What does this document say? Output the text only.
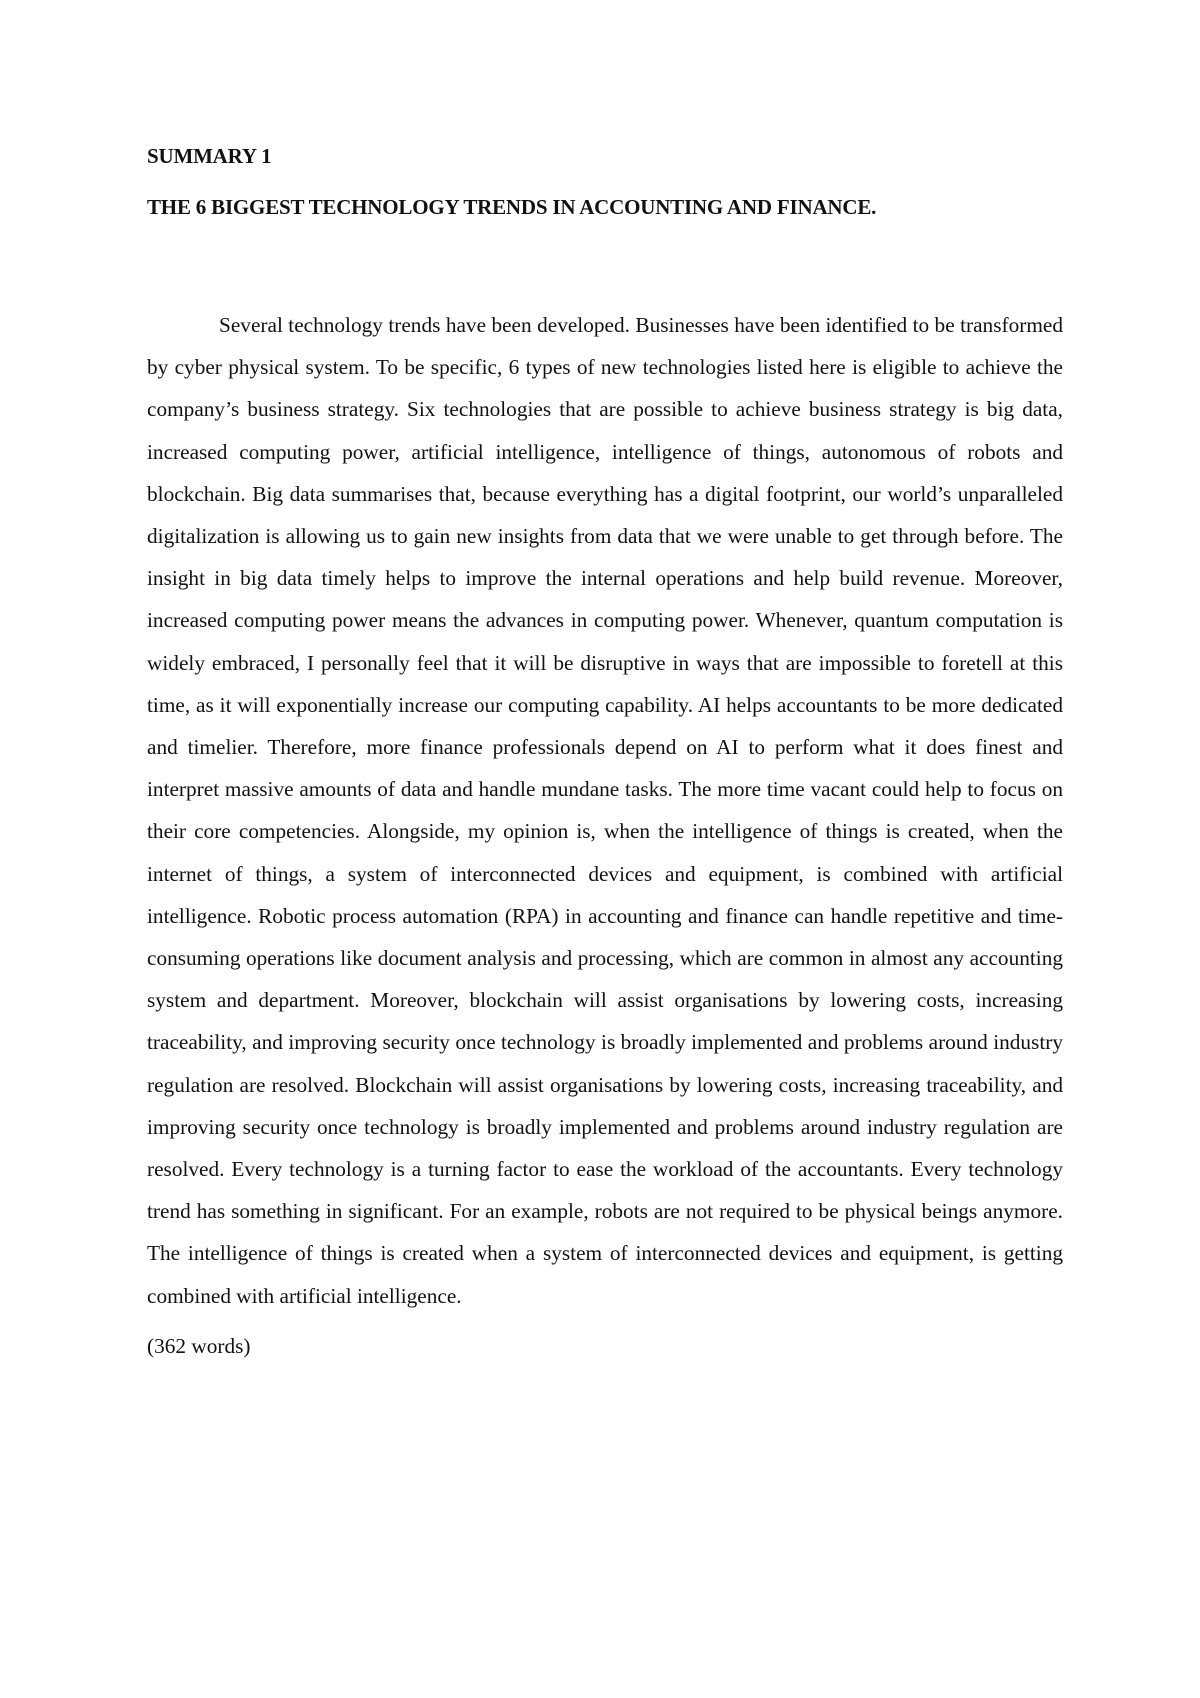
SUMMARY 1

THE 6 BIGGEST TECHNOLOGY TRENDS IN ACCOUNTING AND FINANCE.

Several technology trends have been developed. Businesses have been identified to be transformed by cyber physical system. To be specific, 6 types of new technologies listed here is eligible to achieve the company’s business strategy. Six technologies that are possible to achieve business strategy is big data, increased computing power, artificial intelligence, intelligence of things, autonomous of robots and blockchain. Big data summarises that, because everything has a digital footprint, our world’s unparalleled digitalization is allowing us to gain new insights from data that we were unable to get through before. The insight in big data timely helps to improve the internal operations and help build revenue. Moreover, increased computing power means the advances in computing power. Whenever, quantum computation is widely embraced, I personally feel that it will be disruptive in ways that are impossible to foretell at this time, as it will exponentially increase our computing capability. AI helps accountants to be more dedicated and timelier. Therefore, more finance professionals depend on AI to perform what it does finest and interpret massive amounts of data and handle mundane tasks. The more time vacant could help to focus on their core competencies. Alongside, my opinion is, when the intelligence of things is created, when the internet of things, a system of interconnected devices and equipment, is combined with artificial intelligence. Robotic process automation (RPA) in accounting and finance can handle repetitive and time-consuming operations like document analysis and processing, which are common in almost any accounting system and department. Moreover, blockchain will assist organisations by lowering costs, increasing traceability, and improving security once technology is broadly implemented and problems around industry regulation are resolved. Blockchain will assist organisations by lowering costs, increasing traceability, and improving security once technology is broadly implemented and problems around industry regulation are resolved. Every technology is a turning factor to ease the workload of the accountants. Every technology trend has something in significant. For an example, robots are not required to be physical beings anymore. The intelligence of things is created when a system of interconnected devices and equipment, is getting combined with artificial intelligence.

(362 words)
